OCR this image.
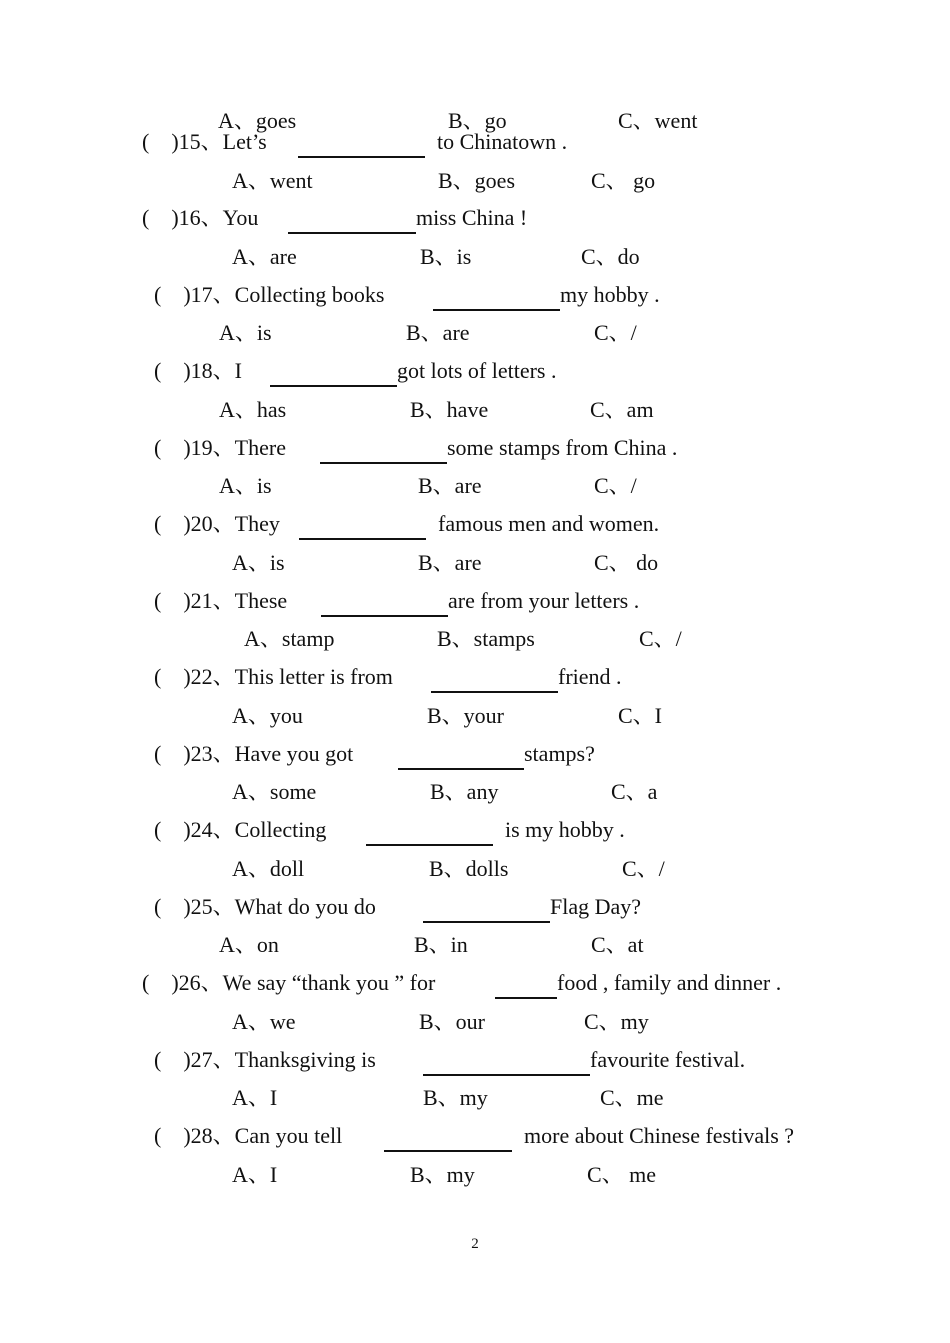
A、goes	B、go	C、went
(    )15、Let’s	to Chinatown .
A、went	B、goes	C、 go
(    )16、You	miss China !
A、are	B、is	C、do
(    )17、Collecting books	my hobby .
A、is	B、are	C、/
(    )18、I	got lots of letters .
A、has	B、have	C、am
(    )19、There	some stamps from China .
A、is	B、are	C、/
(    )20、They	famous men and women.
A、is	B、are	C、 do
(    )21、These	are from your letters .
A、stamp	B、stamps	C、/
(    )22、This letter is from	friend .
A、you	B、your	C、I
(    )23、Have you got	stamps?
A、some	B、any	C、a
(    )24、Collecting	is my hobby .
A、doll	B、dolls	C、/
(    )25、What do you do	Flag Day?
A、on	B、in	C、at
(    )26、We say “thank you ” for	food , family and dinner .
A、we	B、our	C、my
(    )27、Thanksgiving is	favourite festival.
A、I	B、my	C、me
(    )28、Can you tell	more about Chinese festivals ?
A、I	B、my	C、 me
2
